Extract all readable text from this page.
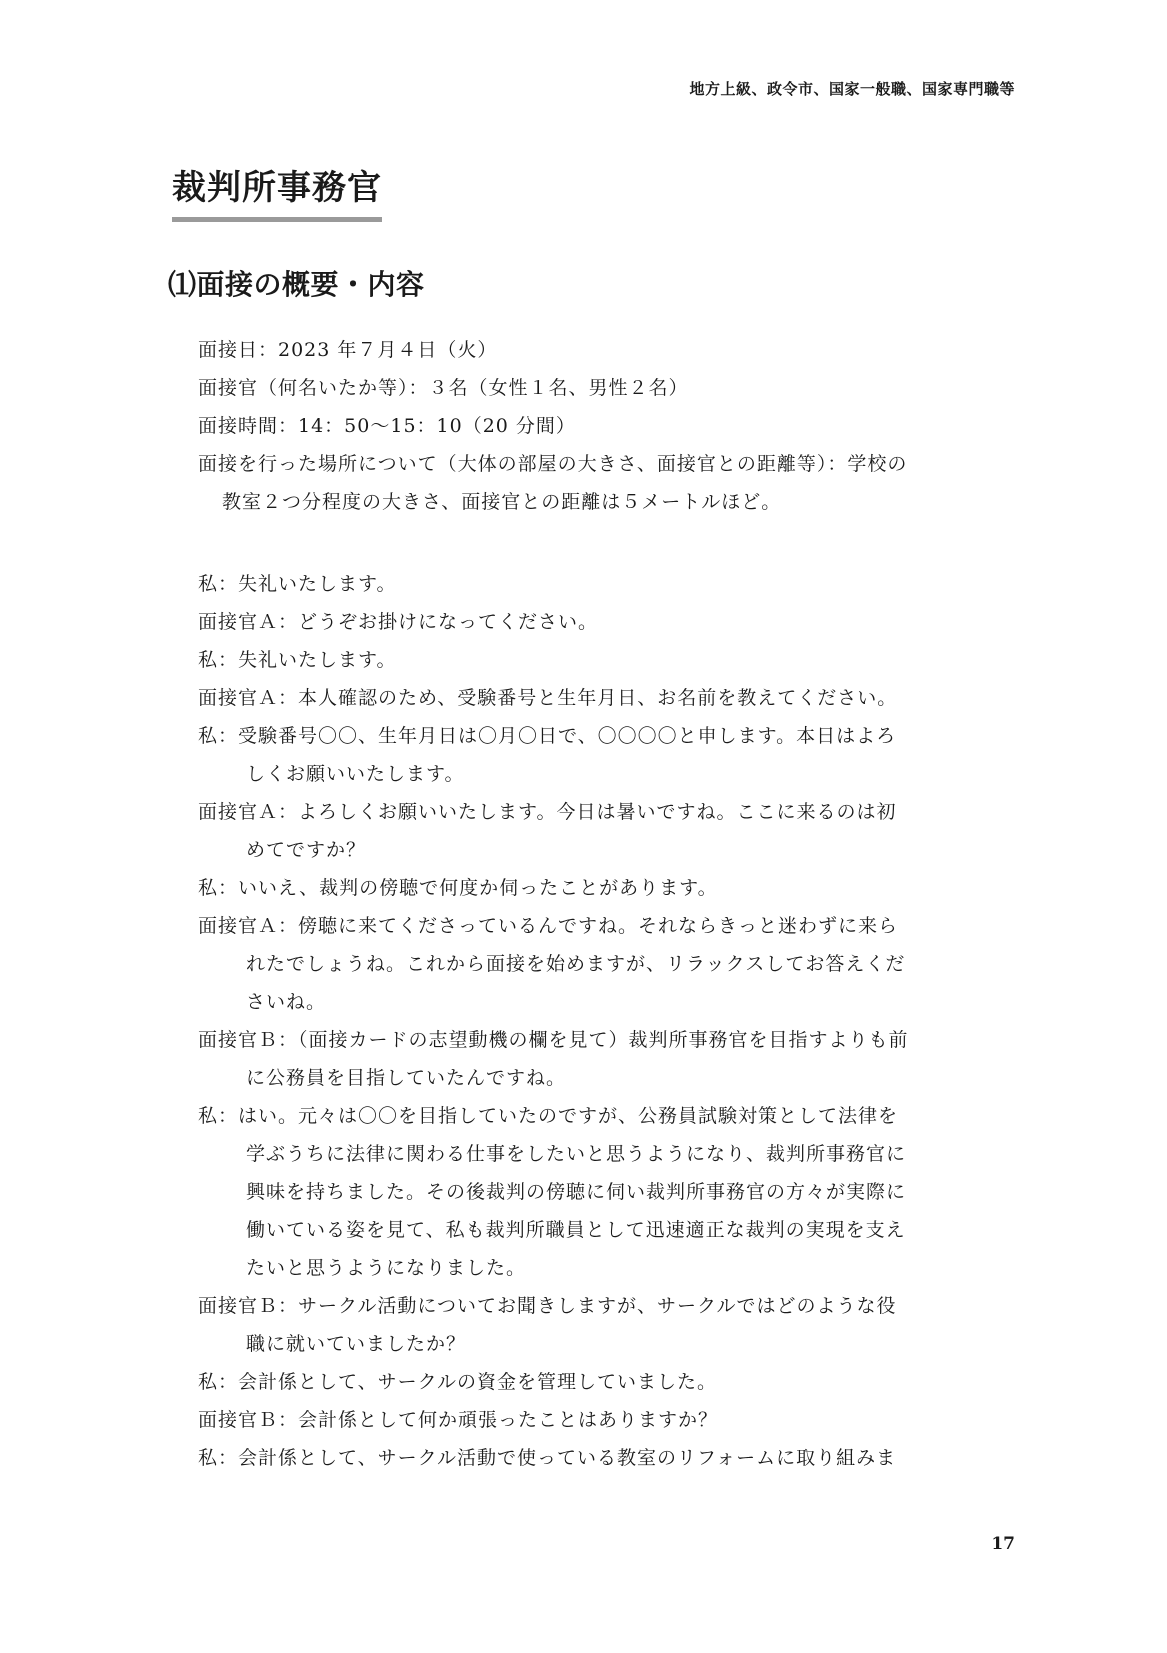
地方上級、政令市、国家一般職、国家専門職等
裁判所事務官
⑴面接の概要・内容
面接日：2023 年７月４日（火）
面接官（何名いたか等）：３名（女性１名、男性２名）
面接時間：14：50〜15：10（20 分間）
面接を行った場所について（大体の部屋の大きさ、面接官との距離等）：学校の
教室２つ分程度の大きさ、面接官との距離は５メートルほど。
私：失礼いたします。
面接官Ａ：どうぞお掛けになってください。
私：失礼いたします。
面接官Ａ：本人確認のため、受験番号と生年月日、お名前を教えてください。
私：受験番号〇〇、生年月日は〇月〇日で、〇〇〇〇と申します。本日はよろ
しくお願いいたします。
面接官Ａ：よろしくお願いいたします。今日は暑いですね。ここに来るのは初
めてですか？
私：いいえ、裁判の傍聴で何度か伺ったことがあります。
面接官Ａ：傍聴に来てくださっているんですね。それならきっと迷わずに来ら
れたでしょうね。これから面接を始めますが、リラックスしてお答えくだ
さいね。
面接官Ｂ：（面接カードの志望動機の欄を見て）裁判所事務官を目指すよりも前
に公務員を目指していたんですね。
私：はい。元々は〇〇を目指していたのですが、公務員試験対策として法律を
学ぶうちに法律に関わる仕事をしたいと思うようになり、裁判所事務官に
興味を持ちました。その後裁判の傍聴に伺い裁判所事務官の方々が実際に
働いている姿を見て、私も裁判所職員として迅速適正な裁判の実現を支え
たいと思うようになりました。
面接官Ｂ：サークル活動についてお聞きしますが、サークルではどのような役
職に就いていましたか？
私：会計係として、サークルの資金を管理していました。
面接官Ｂ：会計係として何か頑張ったことはありますか？
私：会計係として、サークル活動で使っている教室のリフォームに取り組みま
17
